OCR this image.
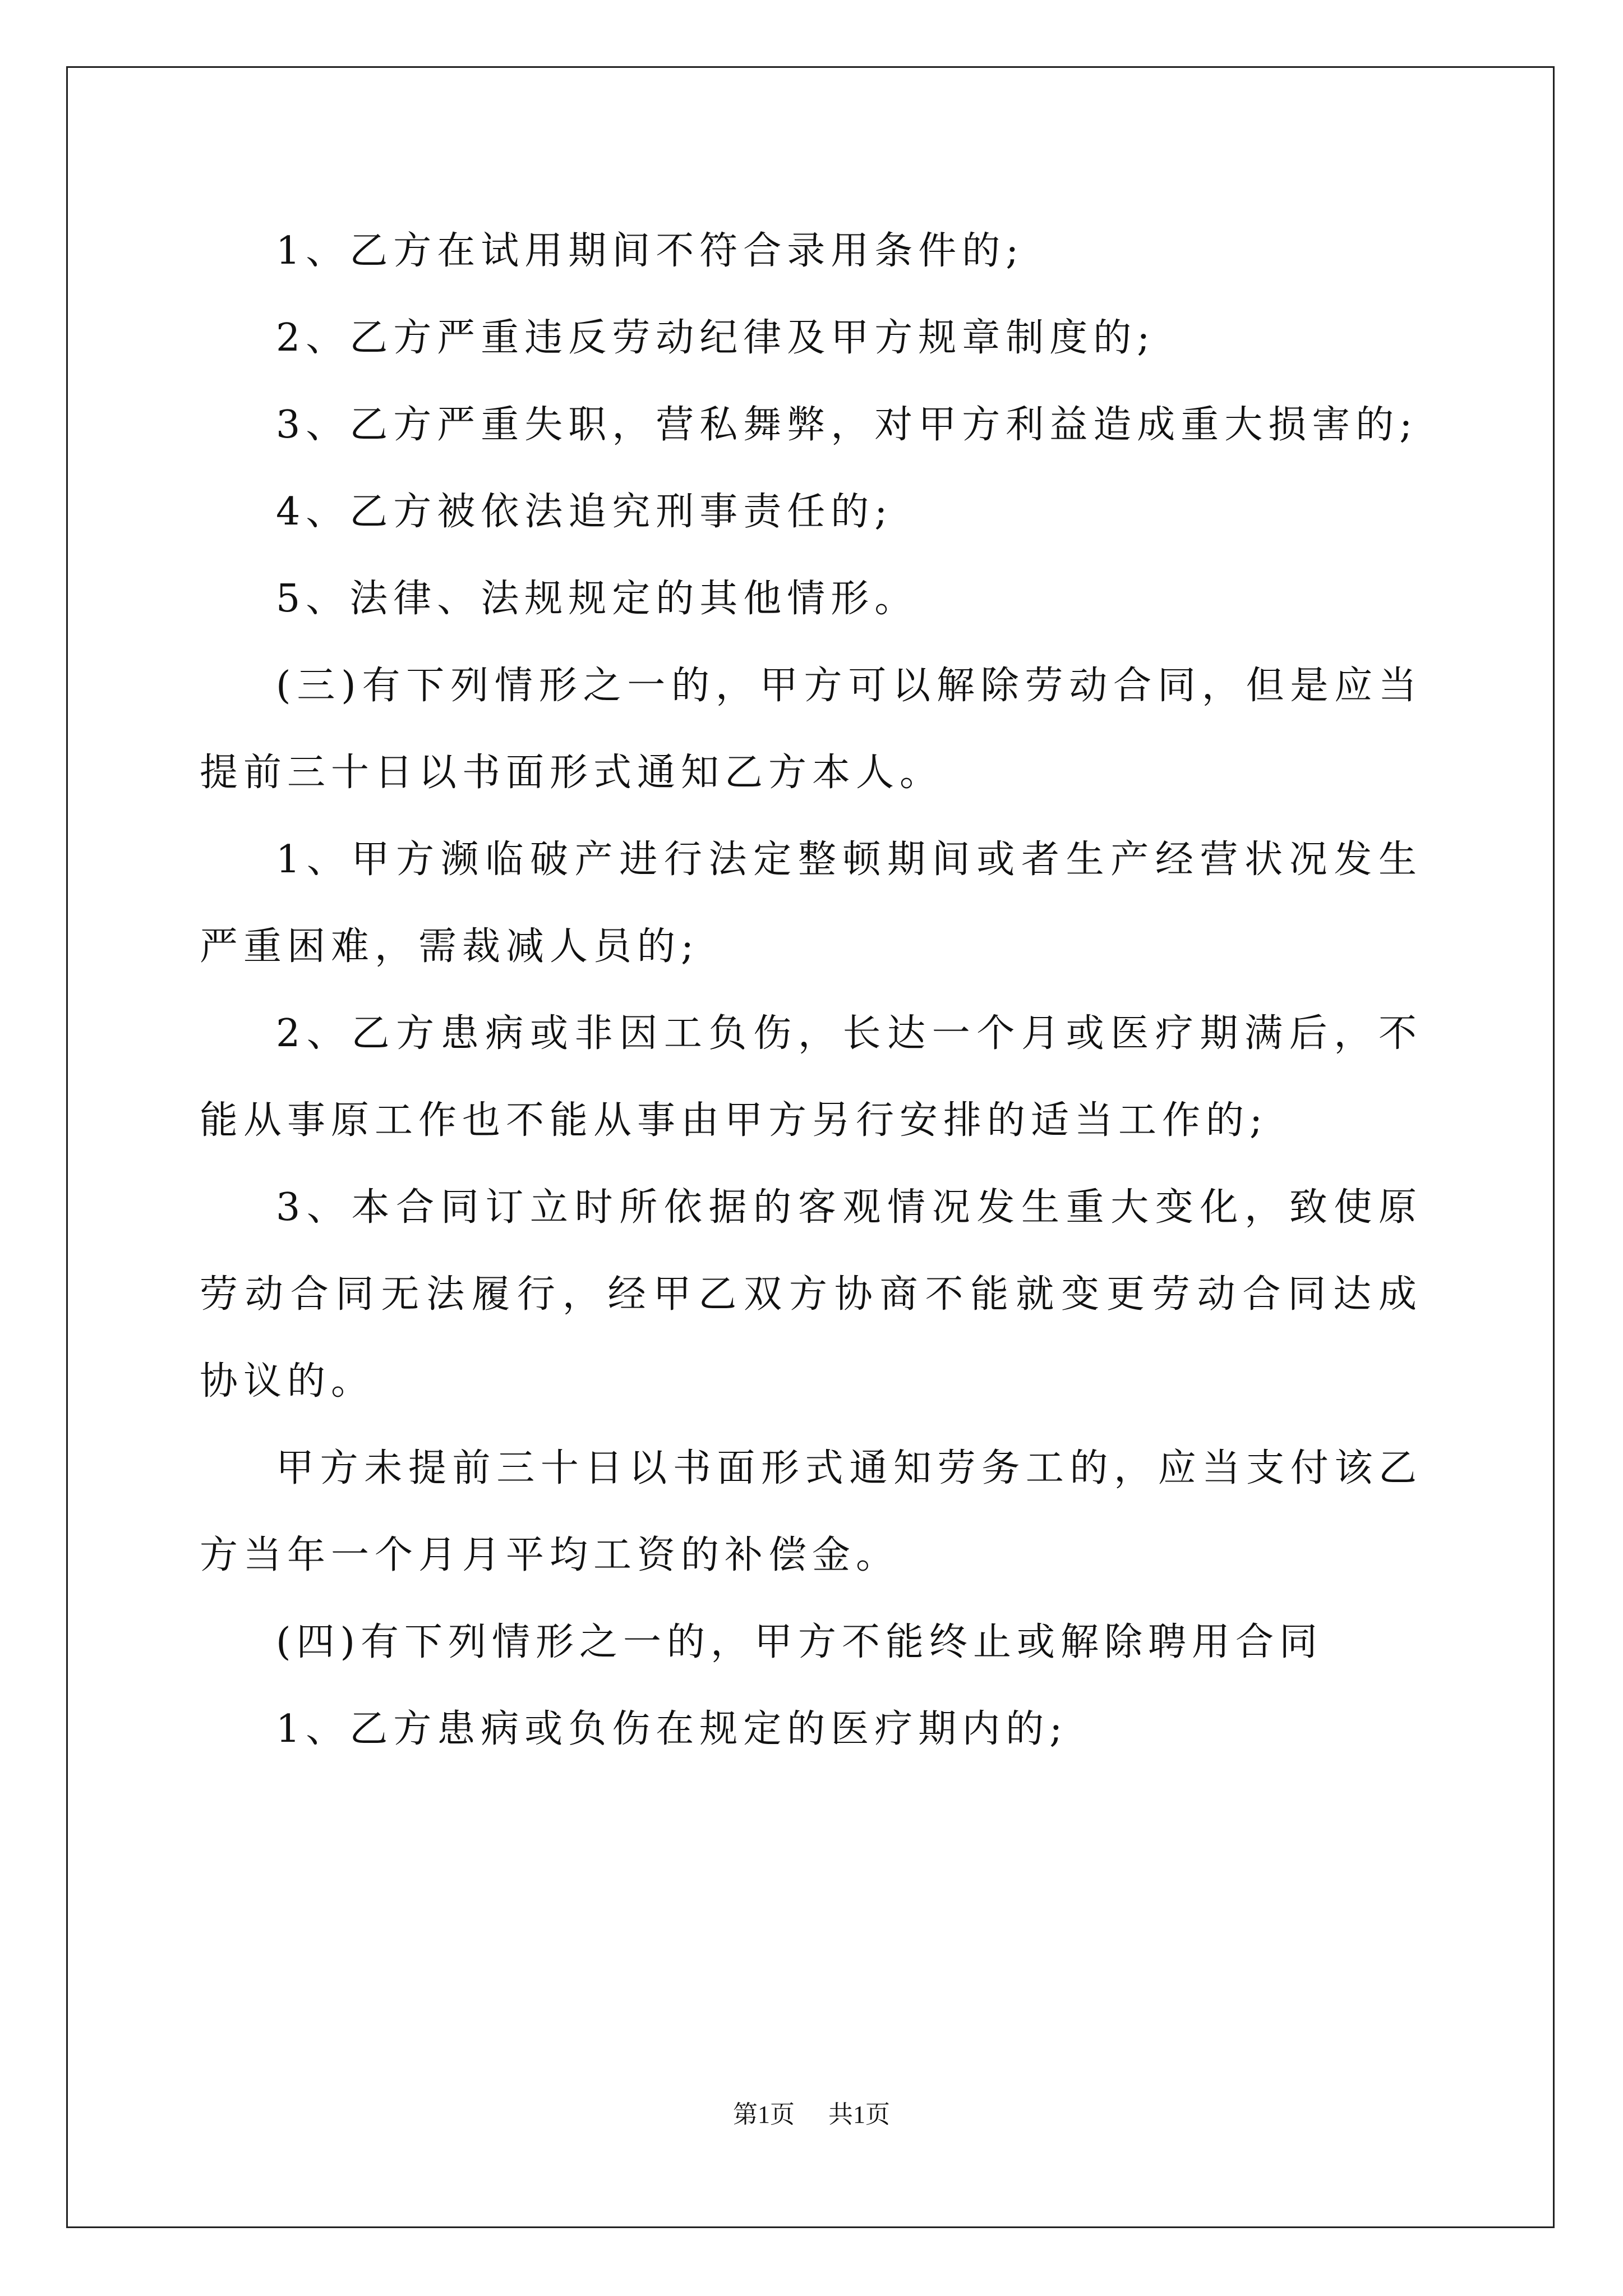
1、乙方在试用期间不符合录用条件的;

2、乙方严重违反劳动纪律及甲方规章制度的;

3、乙方严重失职，营私舞弊，对甲方利益造成重大损害的;

4、乙方被依法追究刑事责任的;

5、法律、法规规定的其他情形。

(三)有下列情形之一的，甲方可以解除劳动合同，但是应当提前三十日以书面形式通知乙方本人。

1、甲方濒临破产进行法定整顿期间或者生产经营状况发生严重困难，需裁减人员的;

2、乙方患病或非因工负伤，长达一个月或医疗期满后，不能从事原工作也不能从事由甲方另行安排的适当工作的;

3、本合同订立时所依据的客观情况发生重大变化，致使原劳动合同无法履行，经甲乙双方协商不能就变更劳动合同达成协议的。

甲方未提前三十日以书面形式通知劳务工的，应当支付该乙方当年一个月月平均工资的补偿金。

(四)有下列情形之一的，甲方不能终止或解除聘用合同

1、乙方患病或负伤在规定的医疗期内的;

第1页 共1页
